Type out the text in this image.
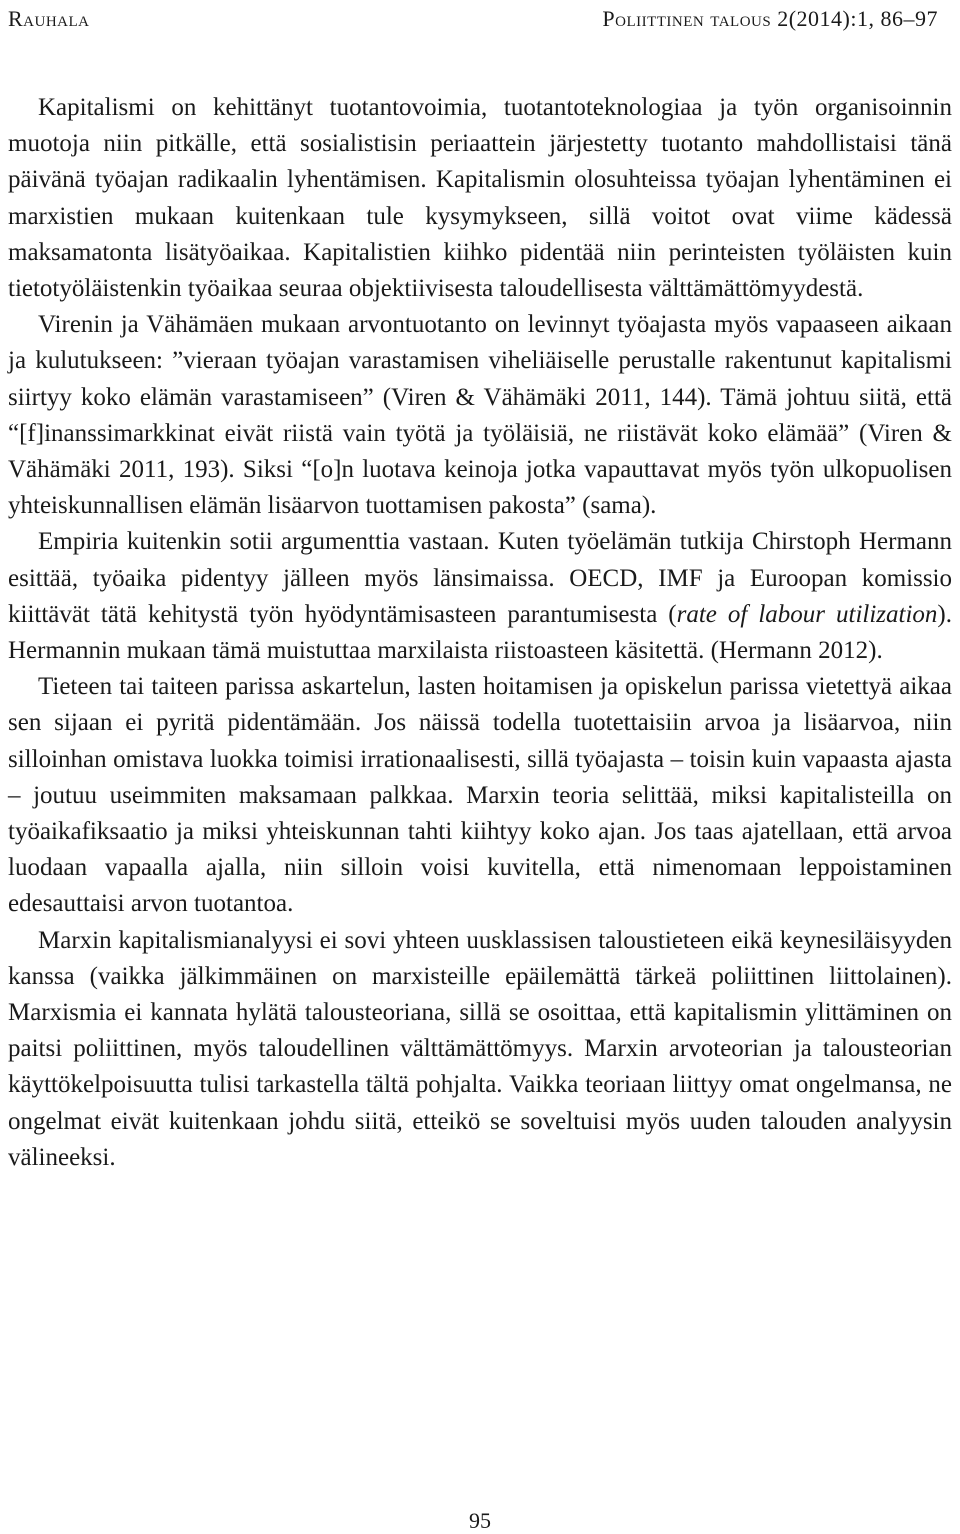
Rauhala	Poliittinen talous 2(2014):1, 86–97

Kapitalismi on kehittänyt tuotantovoimia, tuotantoteknologiaa ja työn organisoinnin muotoja niin pitkälle, että sosialistisin periaattein järjestetty tuotanto mahdollistaisi tänä päivänä työajan radikaalin lyhentämisen. Kapitalismin olosuhteissa työajan lyhentäminen ei marxistien mukaan kuitenkaan tule kysymykseen, sillä voitot ovat viime kädessä maksamatonta lisätyöaikaa. Kapitalistien kiihko pidentää niin perinteisten työläisten kuin tietotyöläistenkin työaikaa seuraa objektiivisesta taloudellisesta välttämättömyydestä.

Virenin ja Vähämäen mukaan arvontuotanto on levinnyt työajasta myös vapaaseen aikaan ja kulutukseen: ”vieraan työajan varastamisen viheliäiselle perustalle rakentunut kapitalismi siirtyy koko elämän varastamiseen” (Viren & Vähämäki 2011, 144). Tämä johtuu siitä, että “[f]inanssimarkkinat eivät riistä vain työtä ja työläisiä, ne riistävät koko elämää” (Viren & Vähämäki 2011, 193). Siksi “[o]n luotava keinoja jotka vapauttavat myös työn ulkopuolisen yhteiskunnallisen elämän lisäarvon tuottamisen pakosta” (sama).

Empiria kuitenkin sotii argumenttia vastaan. Kuten työelämän tutkija Chirstoph Hermann esittää, työaika pidentyy jälleen myös länsimaissa. OECD, IMF ja Euroopan komissio kiittävät tätä kehitystä työn hyödyntämisasteen parantumisesta (rate of labour utilization). Hermannin mukaan tämä muistuttaa marxilaista riistoasteen käsitettä. (Hermann 2012).

Tieteen tai taiteen parissa askartelun, lasten hoitamisen ja opiskelun parissa vietettyä aikaa sen sijaan ei pyritä pidentämään. Jos näissä todella tuotettaisiin arvoa ja lisäarvoa, niin silloinhan omistava luokka toimisi irrationaalisesti, sillä työajasta – toisin kuin vapaasta ajasta – joutuu useimmiten maksamaan palkkaa. Marxin teoria selittää, miksi kapitalisteilla on työaikafiksaatio ja miksi yhteiskunnan tahti kiihtyy koko ajan. Jos taas ajatellaan, että arvoa luodaan vapaalla ajalla, niin silloin voisi kuvitella, että nimenomaan leppoistaminen edesauttaisi arvon tuotantoa.

Marxin kapitalismianalyysi ei sovi yhteen uusklassisen taloustieteen eikä keynesiläisyyden kanssa (vaikka jälkimmäinen on marxisteille epäilemättä tärkeä poliittinen liittolainen). Marxismia ei kannata hylätä talousteoriana, sillä se osoittaa, että kapitalismin ylittäminen on paitsi poliittinen, myös taloudellinen välttämättömyys. Marxin arvoteorian ja talousteorian käyttökelpoisuutta tulisi tarkastella tältä pohjalta. Vaikka teoriaan liittyy omat ongelmansa, ne ongelmat eivät kuitenkaan johdu siitä, etteikö se soveltuisi myös uuden talouden analyysin välineeksi.

95
